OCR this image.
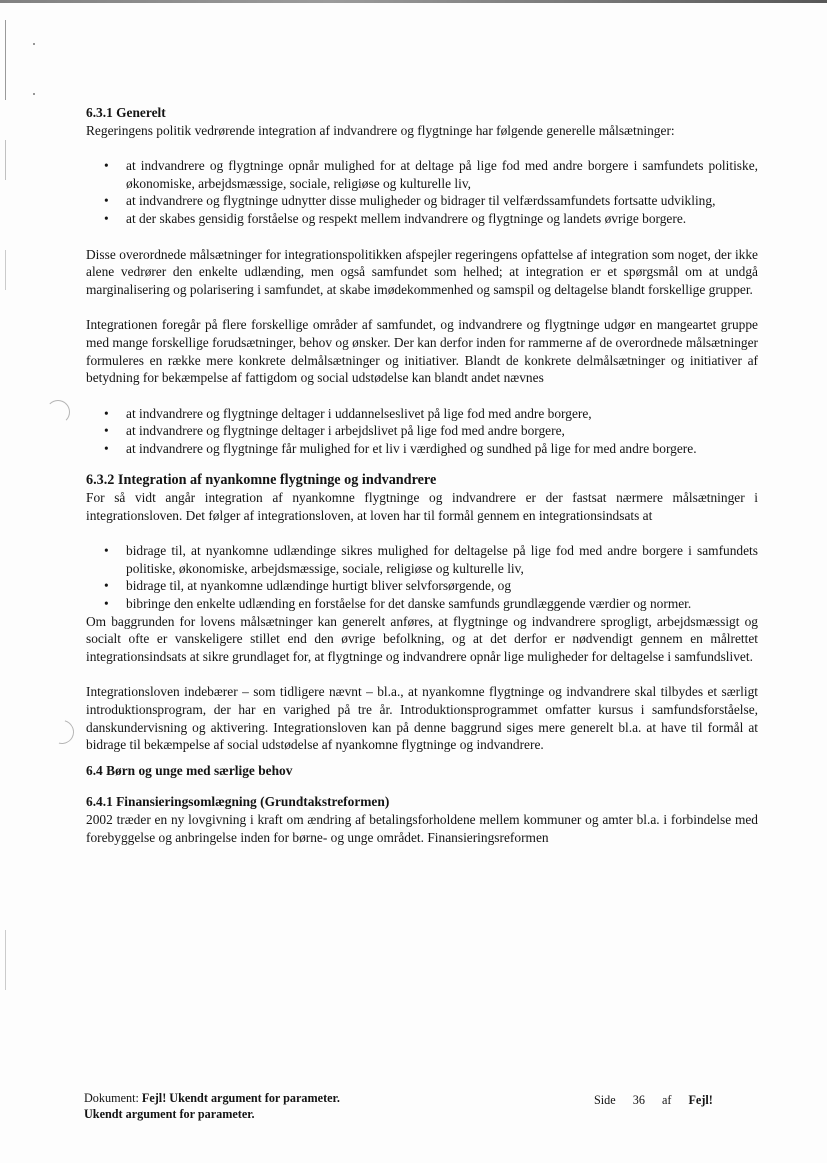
6.3.1 Generelt

Regeringens politik vedrørende integration af indvandrere og flygtninge har følgende generelle målsætninger:

• at indvandrere og flygtninge opnår mulighed for at deltage på lige fod med andre borgere i samfundets politiske, økonomiske, arbejdsmæssige, sociale, religiøse og kulturelle liv,
• at indvandrere og flygtninge udnytter disse muligheder og bidrager til velfærdssamfundets fortsatte udvikling,
• at der skabes gensidig forståelse og respekt mellem indvandrere og flygtninge og landets øvrige borgere.

Disse overordnede målsætninger for integrationspolitikken afspejler regeringens opfattelse af integration som noget, der ikke alene vedrører den enkelte udlænding, men også samfundet som helhed; at integration er et spørgsmål om at undgå marginalisering og polarisering i samfundet, at skabe imødekommenhed og samspil og deltagelse blandt forskellige grupper.

Integrationen foregår på flere forskellige områder af samfundet, og indvandrere og flygtninge udgør en mangeartet gruppe med mange forskellige forudsætninger, behov og ønsker. Der kan derfor inden for rammerne af de overordnede målsætninger formuleres en række mere konkrete delmålsætninger og initiativer. Blandt de konkrete delmålsætninger og initiativer af betydning for bekæmpelse af fattigdom og social udstødelse kan blandt andet nævnes

• at indvandrere og flygtninge deltager i uddannelseslivet på lige fod med andre borgere,
• at indvandrere og flygtninge deltager i arbejdslivet på lige fod med andre borgere,
• at indvandrere og flygtninge får mulighed for et liv i værdighed og sundhed på lige for med andre borgere.
6.3.2 Integration af nyankomne flygtninge og indvandrere

For så vidt angår integration af nyankomne flygtninge og indvandrere er der fastsat nærmere målsætninger i integrationsloven. Det følger af integrationsloven, at loven har til formål gennem en integrationsindsats at

• bidrage til, at nyankomne udlændinge sikres mulighed for deltagelse på lige fod med andre borgere i samfundets politiske, økonomiske, arbejdsmæssige, sociale, religiøse og kulturelle liv,
• bidrage til, at nyankomne udlændinge hurtigt bliver selvforsørgende, og
• bibringe den enkelte udlænding en forståelse for det danske samfunds grundlæggende værdier og normer.

Om baggrunden for lovens målsætninger kan generelt anføres, at flygtninge og indvandrere sprogligt, arbejdsmæssigt og socialt ofte er vanskeligere stillet end den øvrige befolkning, og at det derfor er nødvendigt gennem en målrettet integrationsindsats at sikre grundlaget for, at flygtninge og indvandrere opnår lige muligheder for deltagelse i samfundslivet.

Integrationsloven indebærer – som tidligere nævnt – bl.a., at nyankomne flygtninge og indvandrere skal tilbydes et særligt introduktionsprogram, der har en varighed på tre år. Introduktionsprogrammet omfatter kursus i samfundsforståelse, danskundervisning og aktivering. Integrationsloven kan på denne baggrund siges mere generelt bl.a. at have til formål at bidrage til bekæmpelse af social udstødelse af nyankomne flygtninge og indvandrere.

6.4 Børn og unge med særlige behov
6.4.1 Finansieringsomlægning (Grundtakstreformen)

2002 træder en ny lovgivning i kraft om ændring af betalingsforholdene mellem kommuner og amter bl.a. i forbindelse med forebyggelse og anbringelse inden for børne- og unge området. Finansieringsreformen

Dokument: Fejl! Ukendt argument for parameter.
Ukendt argument for parameter.
Side 36 af Fejl!
